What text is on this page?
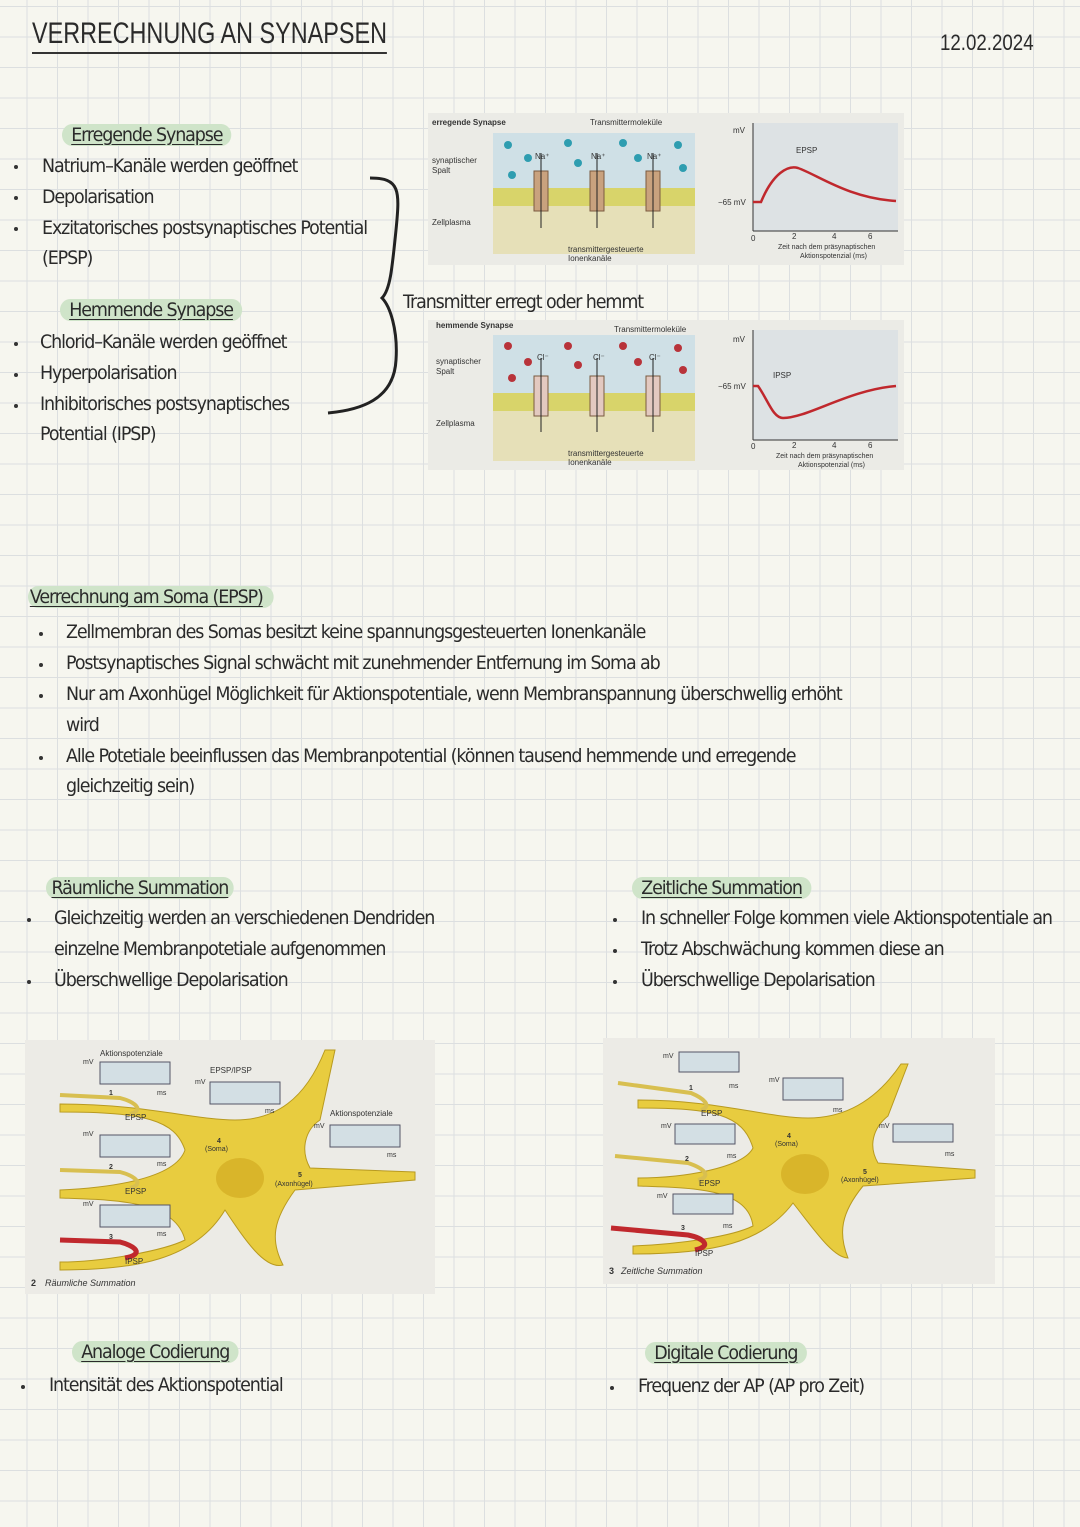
VERRECHNUNG AN SYNAPSEN	12.02.2024
Erregende Synapse
Natrium–Kanäle werden geöffnet
Depolarisation
Exzitatorisches postsynaptisches Potential
(EPSP)
Hemmende Synapse
Chlorid–Kanäle werden geöffnet
Hyperpolarisation
Inhibitorisches postsynaptisches
Potential (IPSP)
Transmitter erregt oder hemmt
erregende Synapse	Transmittermoleküle
synaptischer
Spalt
Zellplasma
Na⁺	Na⁺	Na⁺
transmittergesteuerte
Ionenkanäle
mV
−65 mV
EPSP
0	2	4	6
Zeit nach dem präsynaptischen
Aktionspotenzial (ms)
hemmende Synapse	Transmittermoleküle
synaptischer
Spalt
Zellplasma
Cl⁻	Cl⁻	Cl⁻
transmittergesteuerte
Ionenkanäle
mV
−65 mV
IPSP
0	2	4	6
Zeit nach dem präsynaptischen
Aktionspotenzial (ms)
Verrechnung am Soma (EPSP)
Zellmembran des Somas besitzt keine spannungsgesteuerten Ionenkanäle
Postsynaptisches Signal schwächt mit zunehmender Entfernung im Soma ab
Nur am Axonhügel Möglichkeit für Aktionspotentiale, wenn Membranspannung überschwellig erhöht
wird
Alle Potetiale beeinflussen das Membranpotential (können tausend hemmende und erregende
gleichzeitig sein)
Räumliche Summation
Gleichzeitig werden an verschiedenen Dendriden
einzelne Membranpotetiale aufgenommen
Überschwellige Depolarisation
Zeitliche Summation
In schneller Folge kommen viele Aktionspotentiale an
Trotz Abschwächung kommen diese an
Überschwellige Depolarisation
Aktionspotenziale
EPSP/IPSP
Aktionspotenziale
mV
mV
mV
mV
mV
ms
ms
ms
ms
ms
EPSP
EPSP
IPSP
1
2
3
4
(Soma)
5
(Axonhügel)
2 Räumliche Summation
mV
mV
mV
mV
mV
ms
ms
ms
ms
ms
EPSP
EPSP
IPSP
1
2
3
4
(Soma)
5
(Axonhügel)
3 Zeitliche Summation
Analoge Codierung
Intensität des Aktionspotential
Digitale Codierung
Frequenz der AP (AP pro Zeit)
